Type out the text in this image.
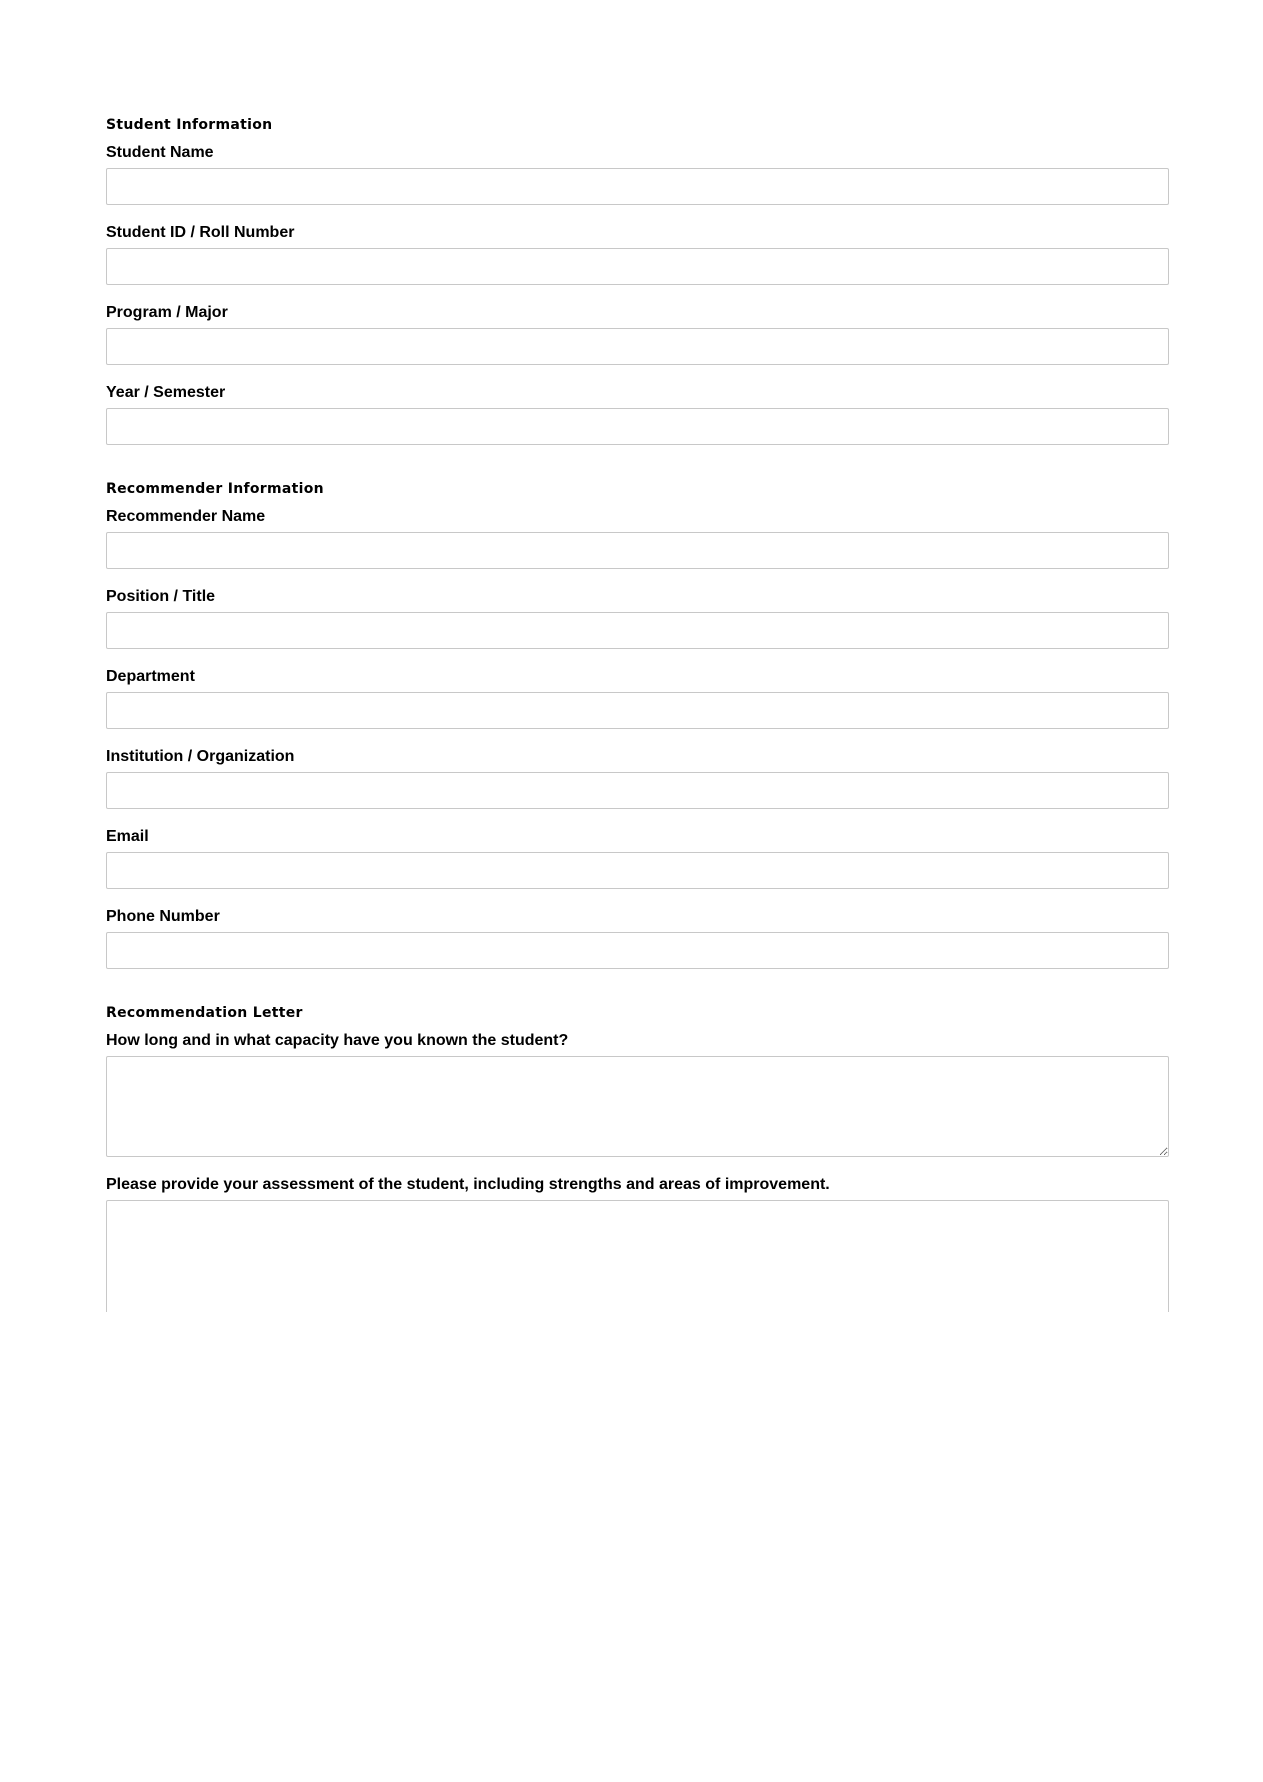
Student Information
Student Name
Student ID / Roll Number
Program / Major
Year / Semester
Recommender Information
Recommender Name
Position / Title
Department
Institution / Organization
Email
Phone Number
Recommendation Letter
How long and in what capacity have you known the student?
Please provide your assessment of the student, including strengths and areas of improvement.
